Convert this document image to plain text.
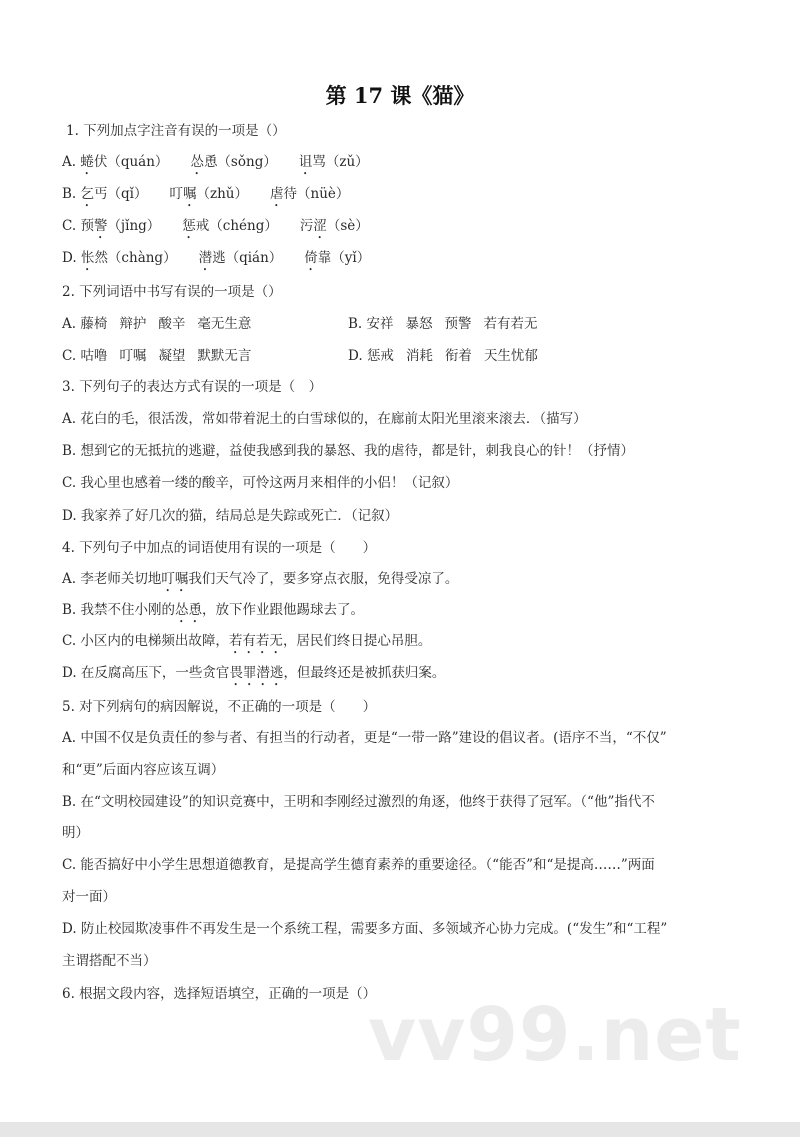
第 17 课《猫》
1. 下列加点字注音有误的一项是（）
A. 蜷伏（quán） 怂恿（sǒng） 诅骂（zǔ）
B. 乞丐（qǐ） 叮嘱（zhǔ） 虐待（nüè）
C. 预警（jǐng） 惩戒（chéng） 污涩（sè）
D. 怅然（chàng） 潜逃（qián） 倚靠（yǐ）
2. 下列词语中书写有误的一项是（）
A. 藤椅 辩护 酸辛 毫无生意	B. 安祥 暴怒 预警 若有若无
C. 咕噜 叮嘱 凝望 默默无言	D. 惩戒 消耗 衔着 天生忧郁
3. 下列句子的表达方式有误的一项是（　）
A. 花白的毛，很活泼，常如带着泥土的白雪球似的，在廊前太阳光里滚来滚去．（描写）
B. 想到它的无抵抗的逃避，益使我感到我的暴怒、我的虐待，都是针，刺我良心的针！（抒情）
C. 我心里也感着一缕的酸辛，可怜这两月来相伴的小侣！（记叙）
D. 我家养了好几次的猫，结局总是失踪或死亡．（记叙）
4. 下列句子中加点的词语使用有误的一项是（　　）
A. 李老师关切地叮嘱我们天气冷了，要多穿点衣服，免得受凉了。
B. 我禁不住小刚的怂恿，放下作业跟他踢球去了。
C. 小区内的电梯频出故障，若有若无，居民们终日提心吊胆。
D. 在反腐高压下，一些贪官畏罪潜逃，但最终还是被抓获归案。
5. 对下列病句的病因解说，不正确的一项是（　　）
A. 中国不仅是负责任的参与者、有担当的行动者，更是“一带一路”建设的倡议者。(语序不当，“不仅”
和“更”后面内容应该互调）
B. 在“文明校园建设”的知识竞赛中，王明和李刚经过激烈的角逐，他终于获得了冠军。（“他”指代不
明）
C. 能否搞好中小学生思想道德教育，是提高学生德育素养的重要途径。（“能否”和“是提高……”两面
对一面）
D. 防止校园欺凌事件不再发生是一个系统工程，需要多方面、多领域齐心协力完成。(“发生”和“工程”
主谓搭配不当）
6. 根据文段内容，选择短语填空，正确的一项是（）
vv99.net
